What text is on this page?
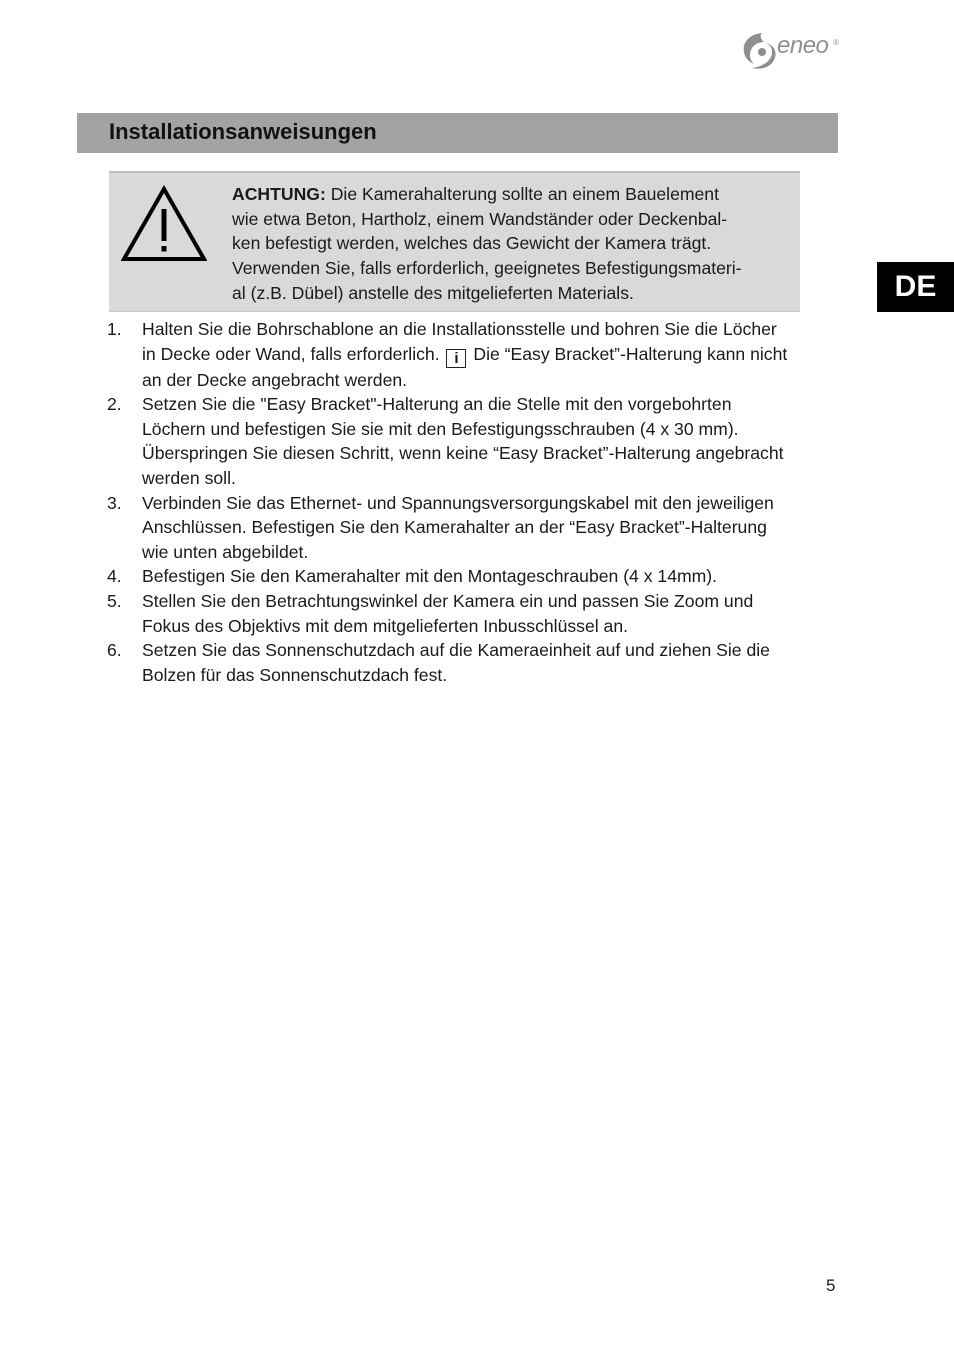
eneo ®
Installationsanweisungen
ACHTUNG: Die Kamerahalterung sollte an einem Bauelement
wie etwa Beton, Hartholz, einem Wandständer oder Deckenbal-
ken befestigt werden, welches das Gewicht der Kamera trägt.
Verwenden Sie, falls erforderlich, geeignetes Befestigungsmateri-
al (z.B. Dübel) anstelle des mitgelieferten Materials.
1. Halten Sie die Bohrschablone an die Installationsstelle und bohren Sie die Löcher
in Decke oder Wand, falls erforderlich. i Die “Easy Bracket”-Halterung kann nicht
an der Decke angebracht werden.
2. Setzen Sie die "Easy Bracket"-Halterung an die Stelle mit den vorgebohrten
Löchern und befestigen Sie sie mit den Befestigungsschrauben (4 x 30 mm).
Überspringen Sie diesen Schritt, wenn keine “Easy Bracket”-Halterung angebracht
werden soll.
3. Verbinden Sie das Ethernet- und Spannungsversorgungskabel mit den jeweiligen
Anschlüssen. Befestigen Sie den Kamerahalter an der “Easy Bracket”-Halterung
wie unten abgebildet.
4. Befestigen Sie den Kamerahalter mit den Montageschrauben (4 x 14mm).
5. Stellen Sie den Betrachtungswinkel der Kamera ein und passen Sie Zoom und
Fokus des Objektivs mit dem mitgelieferten Inbusschlüssel an.
6. Setzen Sie das Sonnenschutzdach auf die Kameraeinheit auf und ziehen Sie die
Bolzen für das Sonnenschutzdach fest.
DE
5
